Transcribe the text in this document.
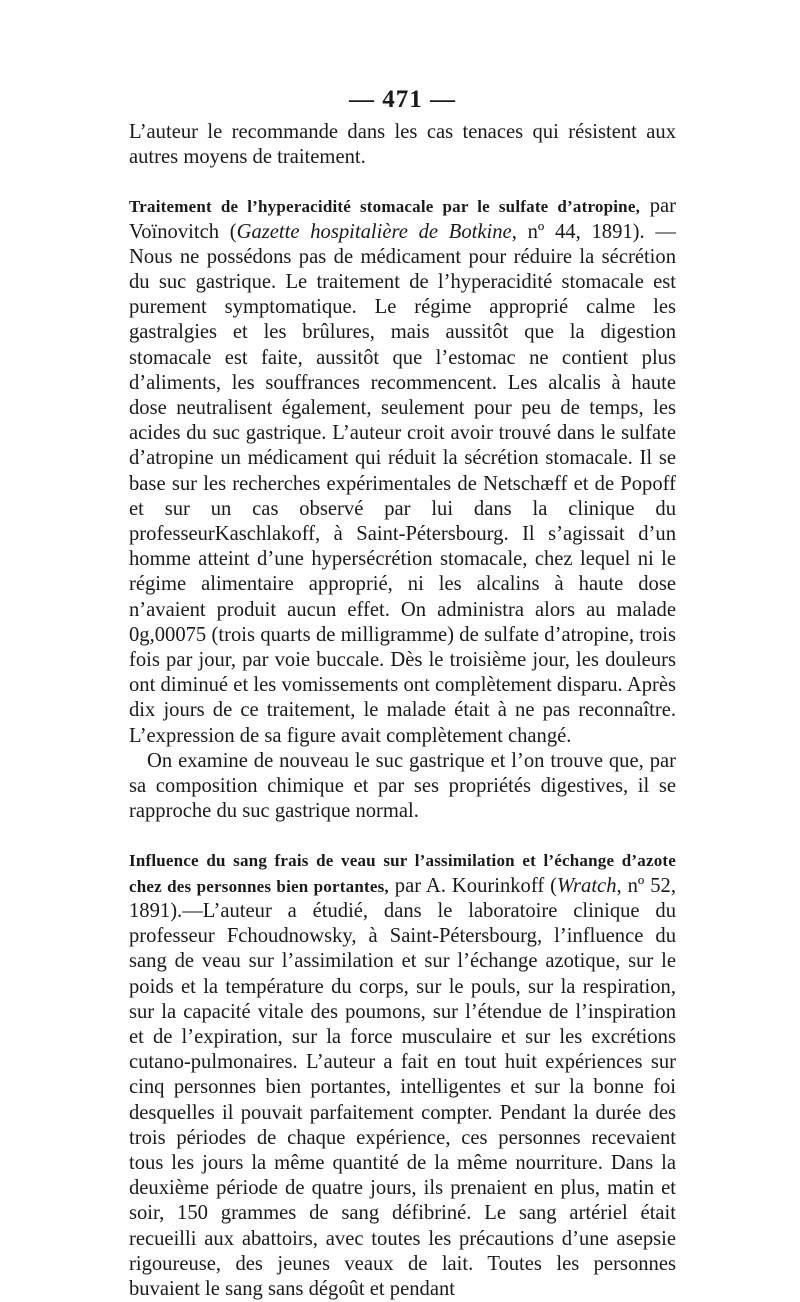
— 471 —

L’auteur le recommande dans les cas tenaces qui résistent aux autres moyens de traitement.

Traitement de l’hyperacidité stomacale par le sulfate d’atropine, par Voïnovitch (Gazette hospitalière de Botkine, nº 44, 1891). — Nous ne possédons pas de médicament pour réduire la sécrétion du suc gastrique. Le traitement de l’hyperacidité stomacale est purement symptomatique. Le régime approprié calme les gastralgies et les brûlures, mais aussitôt que la digestion stomacale est faite, aussitôt que l’estomac ne contient plus d’aliments, les souffrances recommencent. Les alcalis à haute dose neutralisent également, seulement pour peu de temps, les acides du suc gastrique. L’auteur croit avoir trouvé dans le sulfate d’atropine un médicament qui réduit la sécrétion stomacale. Il se base sur les recherches expérimentales de Netschæff et de Popoff et sur un cas observé par lui dans la clinique du professeurKaschlakoff, à Saint-Pétersbourg. Il s’agissait d’un homme atteint d’une hypersécrétion stomacale, chez lequel ni le régime alimentaire approprié, ni les alcalins à haute dose n’avaient produit aucun effet. On administra alors au malade 0g,00075 (trois quarts de milligramme) de sulfate d’atropine, trois fois par jour, par voie buccale. Dès le troisième jour, les douleurs ont diminué et les vomissements ont complètement disparu. Après dix jours de ce traitement, le malade était à ne pas reconnaître. L’expression de sa figure avait complètement changé.

On examine de nouveau le suc gastrique et l’on trouve que, par sa composition chimique et par ses propriétés digestives, il se rapproche du suc gastrique normal.

Influence du sang frais de veau sur l’assimilation et l’échange d’azote chez des personnes bien portantes, par A. Kourinkoff (Wratch, nº 52, 1891).—L’auteur a étudié, dans le laboratoire clinique du professeur Fchoudnowsky, à Saint-Pétersbourg, l’influence du sang de veau sur l’assimilation et sur l’échange azotique, sur le poids et la température du corps, sur le pouls, sur la respiration, sur la capacité vitale des poumons, sur l’étendue de l’inspiration et de l’expiration, sur la force musculaire et sur les excrétions cutano-pulmonaires. L’auteur a fait en tout huit expériences sur cinq personnes bien portantes, intelligentes et sur la bonne foi desquelles il pouvait parfaitement compter. Pendant la durée des trois périodes de chaque expérience, ces personnes recevaient tous les jours la même quantité de la même nourriture. Dans la deuxième période de quatre jours, ils prenaient en plus, matin et soir, 150 grammes de sang défibriné. Le sang artériel était recueilli aux abattoirs, avec toutes les précautions d’une asepsie rigoureuse, des jeunes veaux de lait. Toutes les personnes buvaient le sang sans dégoût et pendant
